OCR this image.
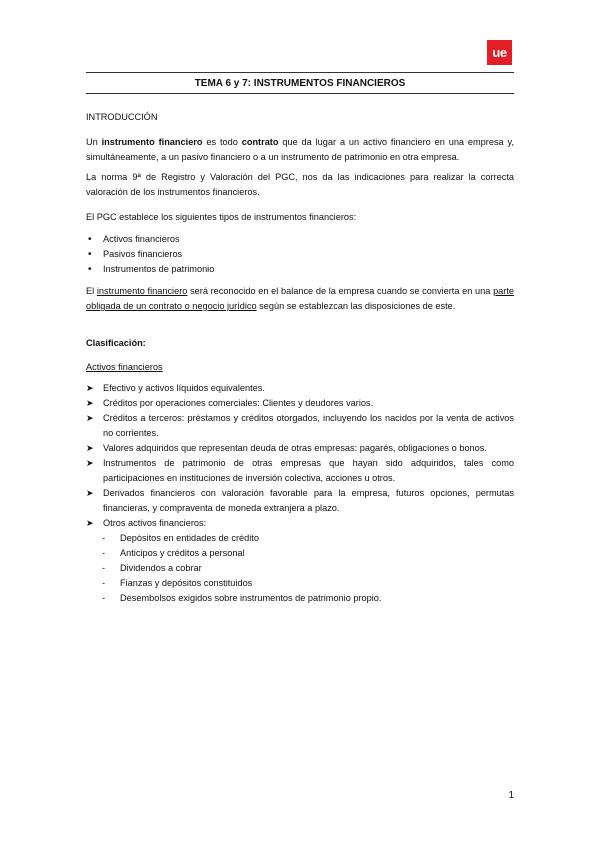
ue
TEMA 6 y 7: INSTRUMENTOS FINANCIEROS
INTRODUCCIÓN
Un instrumento financiero es todo contrato que da lugar a un activo financiero en una empresa y, simultáneamente, a un pasivo financiero o a un instrumento de patrimonio en otra empresa.
La norma 9ª de Registro y Valoración del PGC, nos da las indicaciones para realizar la correcta valoración de los instrumentos financieros.
El PGC establece los siguientes tipos de instrumentos financieros:
• Activos financieros
• Pasivos financieros
• Instrumentos de patrimonio
El instrumento financiero será reconocido en el balance de la empresa cuando se convierta en una parte obligada de un contrato o negocio jurídico según se establezcan las disposiciones de este.
Clasificación:
Activos financieros
➤ Efectivo y activos líquidos equivalentes.
➤ Créditos por operaciones comerciales: Clientes y deudores varios.
➤ Créditos a terceros: préstamos y créditos otorgados, incluyendo los nacidos por la venta de activos no corrientes.
➤ Valores adquiridos que representan deuda de otras empresas: pagarés, obligaciones o bonos.
➤ Instrumentos de patrimonio de otras empresas que hayan sido adquiridos, tales como participaciones en instituciones de inversión colectiva, acciones u otros.
➤ Derivados financieros con valoración favorable para la empresa, futuros opciones, permutas financieras, y compraventa de moneda extranjera a plazo.
➤ Otros activos financieros:
- Depósitos en entidades de crédito
- Anticipos y créditos a personal
- Dividendos a cobrar
- Fianzas y depósitos constituidos
- Desembolsos exigidos sobre instrumentos de patrimonio propio.
1
